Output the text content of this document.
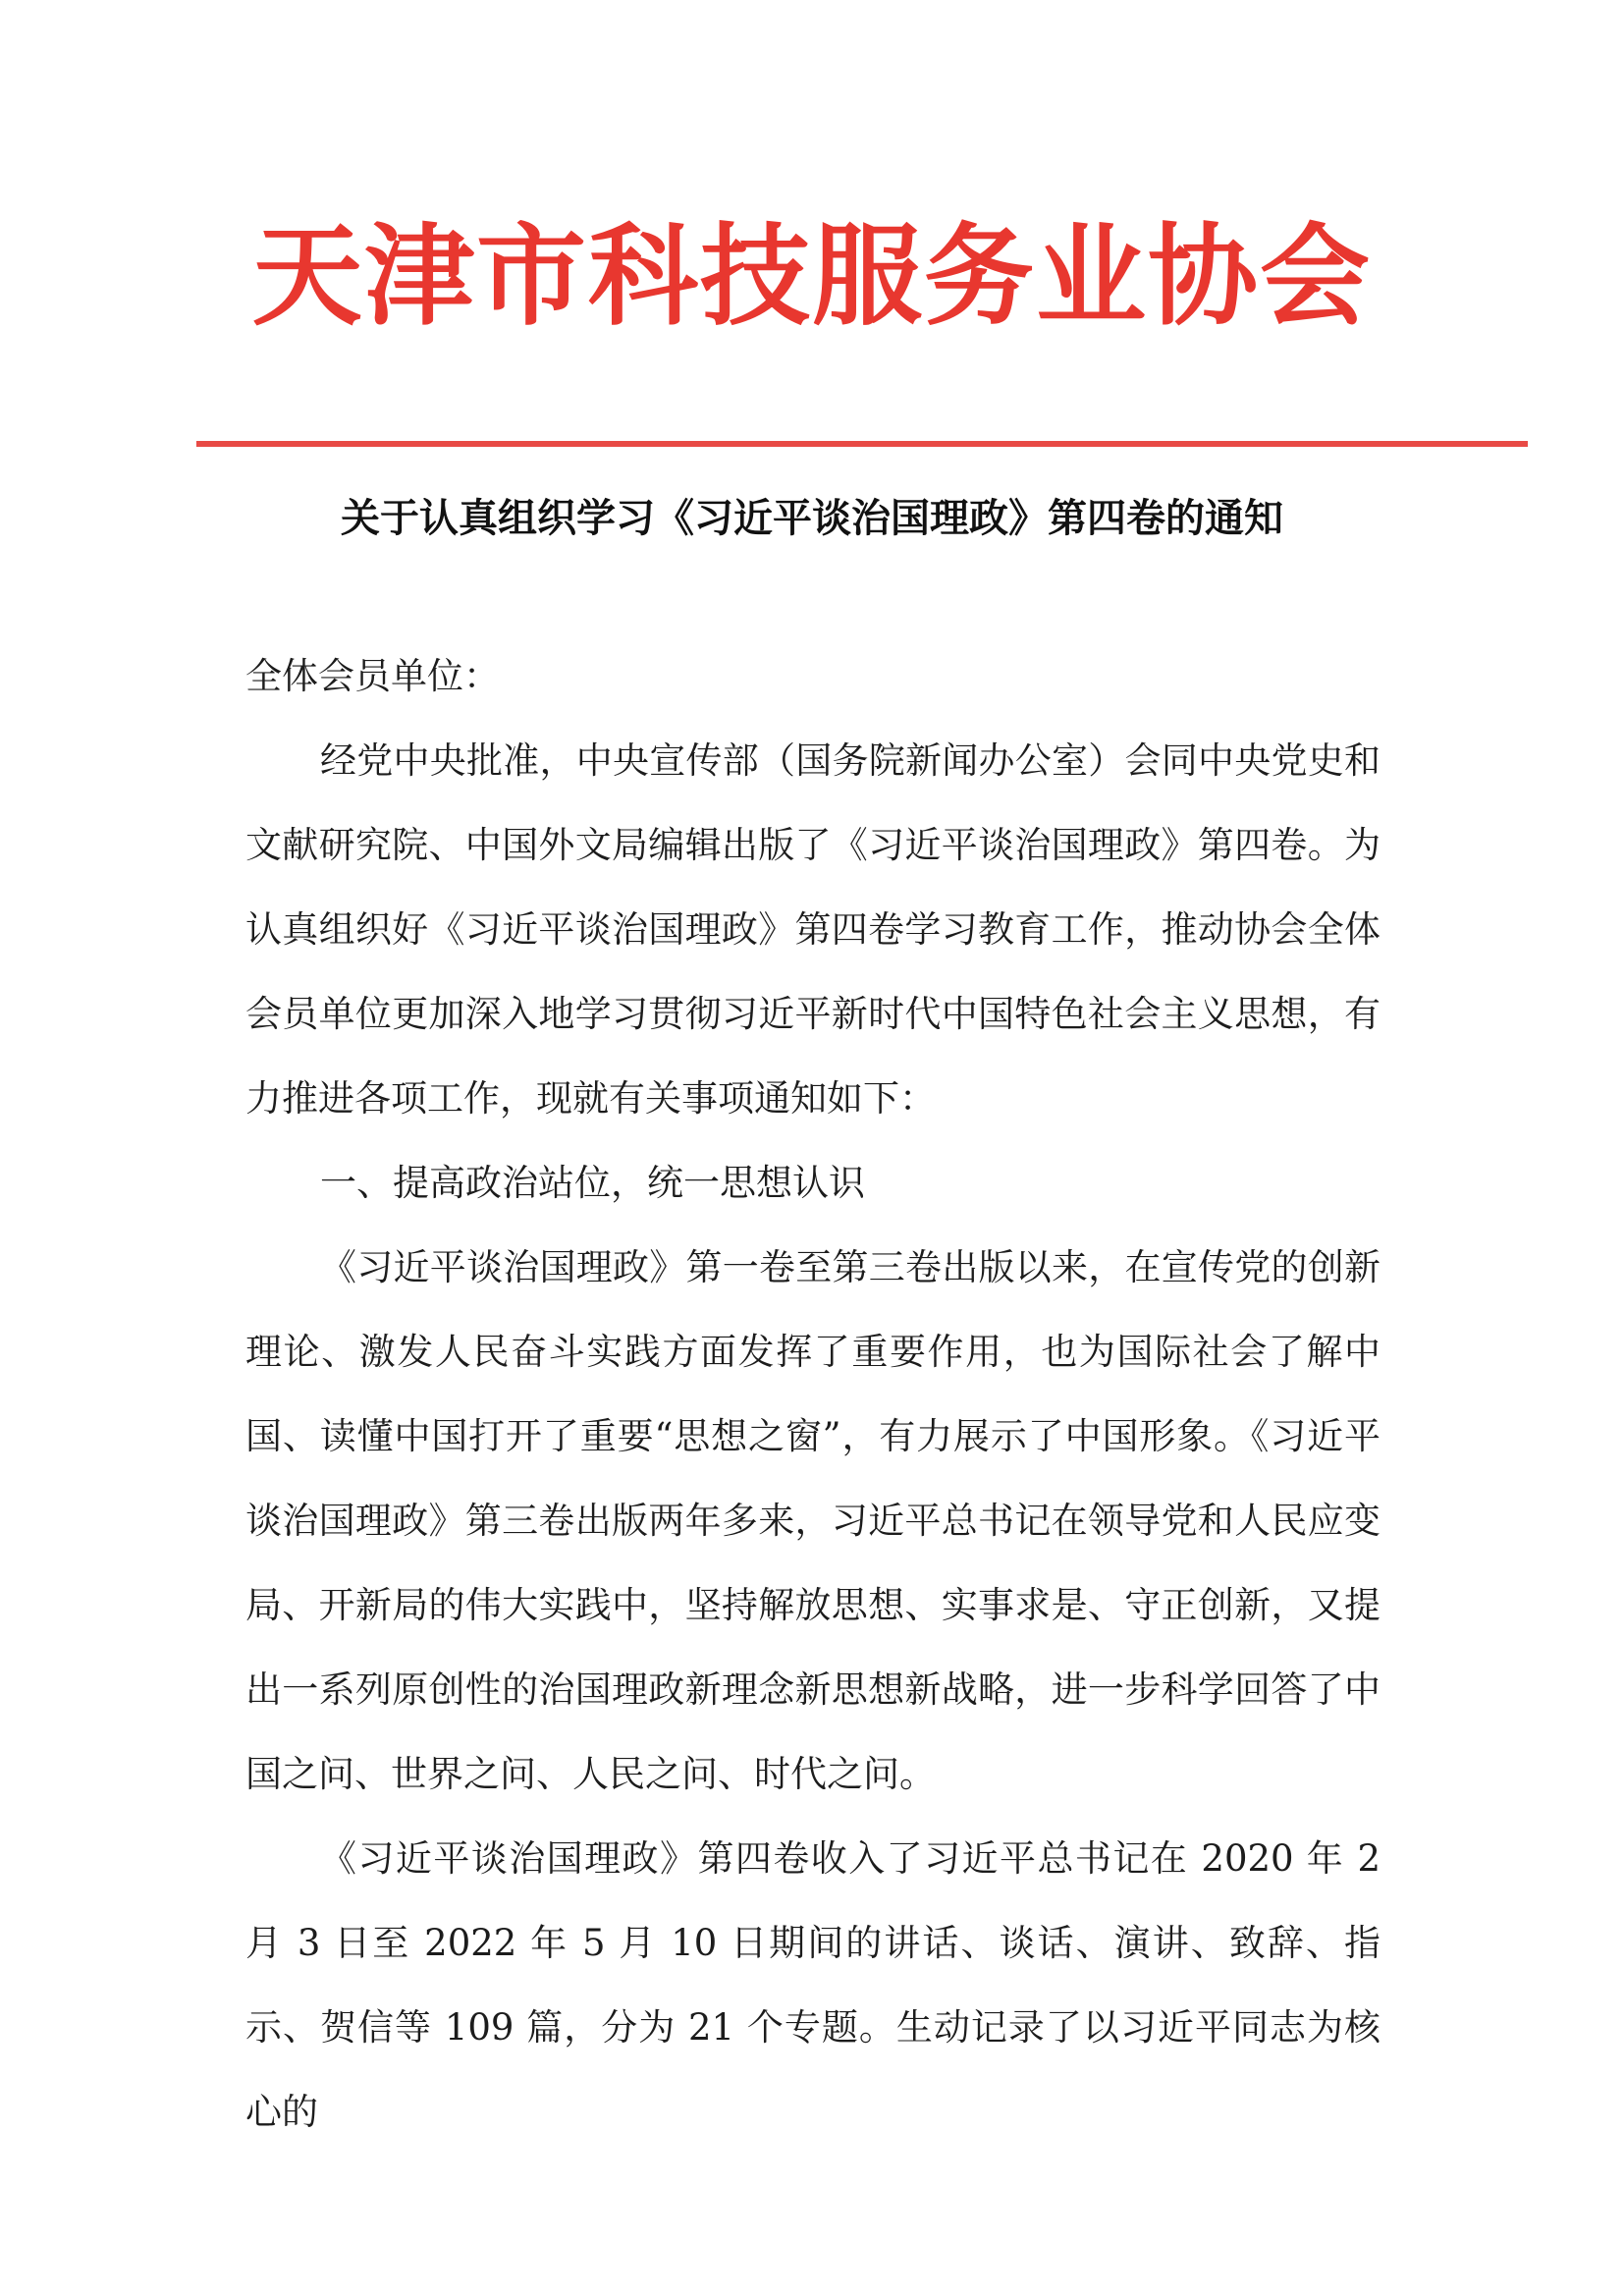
天津市科技服务业协会
关于认真组织学习《习近平谈治国理政》第四卷的通知

全体会员单位：

经党中央批准，中央宣传部（国务院新闻办公室）会同中央党史和文献研究院、中国外文局编辑出版了《习近平谈治国理政》第四卷。为认真组织好《习近平谈治国理政》第四卷学习教育工作，推动协会全体会员单位更加深入地学习贯彻习近平新时代中国特色社会主义思想，有力推进各项工作，现就有关事项通知如下：

一、提高政治站位，统一思想认识

《习近平谈治国理政》第一卷至第三卷出版以来，在宣传党的创新理论、激发人民奋斗实践方面发挥了重要作用，也为国际社会了解中国、读懂中国打开了重要“思想之窗”，有力展示了中国形象。《习近平谈治国理政》第三卷出版两年多来，习近平总书记在领导党和人民应变局、开新局的伟大实践中，坚持解放思想、实事求是、守正创新，又提出一系列原创性的治国理政新理念新思想新战略，进一步科学回答了中国之问、世界之问、人民之问、时代之问。

《习近平谈治国理政》第四卷收入了习近平总书记在 2020 年 2 月 3 日至 2022 年 5 月 10 日期间的讲话、谈话、演讲、致辞、指示、贺信等 109 篇，分为 21 个专题。生动记录了以习近平同志为核心的
